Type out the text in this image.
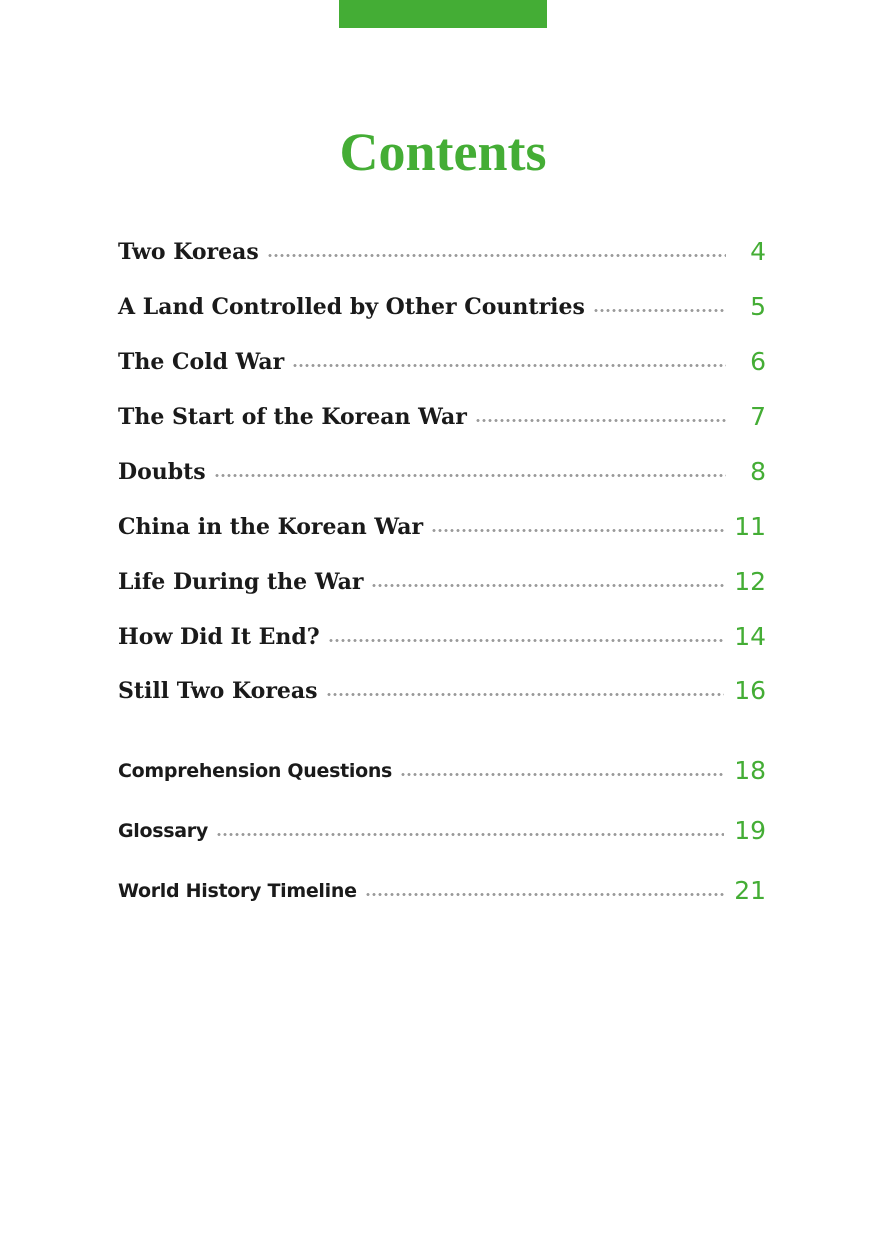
Contents
Two Koreas	4
A Land Controlled by Other Countries	5
The Cold War	6
The Start of the Korean War	7
Doubts	8
China in the Korean War	11
Life During the War	12
How Did It End?	14
Still Two Koreas	16
Comprehension Questions	18
Glossary	19
World History Timeline	21
